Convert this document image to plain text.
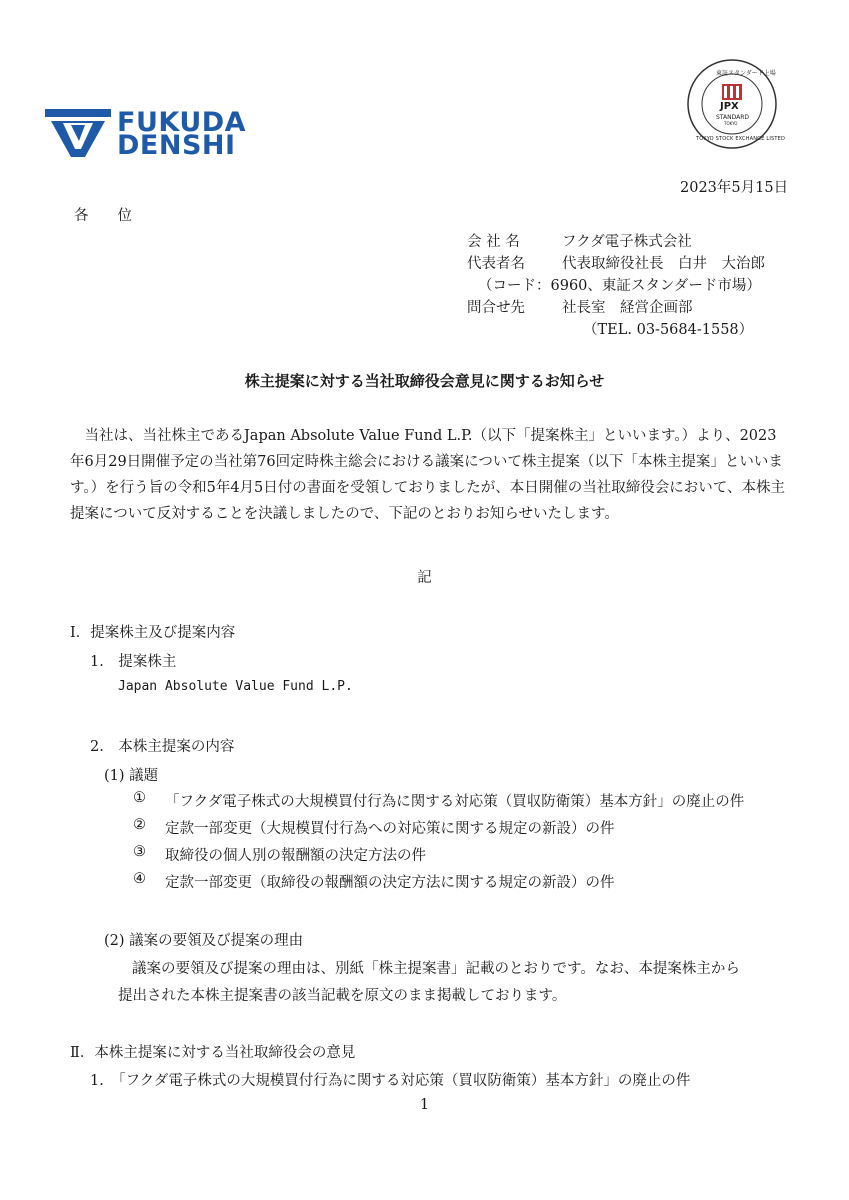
FUKUDA
DENSHI
東証スタンダード上場
JPX
STANDARD
TOKYO
TOKYO STOCK EXCHANGE LISTED
2023年5月15日
各　　位
会 社 名	フクダ電子株式会社
代表者名	代表取締役社長　白井　大治郎
（コード：6960、東証スタンダード市場）
問合せ先	社長室　経営企画部
（TEL. 03-5684-1558）
株主提案に対する当社取締役会意見に関するお知らせ
当社は、当社株主であるJapan Absolute Value Fund L.P.（以下「提案株主」といいます。）より、2023年6月29日開催予定の当社第76回定時株主総会における議案について株主提案（以下「本株主提案」といいます。）を行う旨の令和5年4月5日付の書面を受領しておりましたが、本日開催の当社取締役会において、本株主提案について反対することを決議しましたので、下記のとおりお知らせいたします。
記
Ⅰ．提案株主及び提案内容
1.　提案株主
Japan Absolute Value Fund L.P.
2.　本株主提案の内容
(1) 議題
① 「フクダ電子株式の大規模買付行為に関する対応策（買収防衛策）基本方針」の廃止の件
② 定款一部変更（大規模買付行為への対応策に関する規定の新設）の件
③ 取締役の個人別の報酬額の決定方法の件
④ 定款一部変更（取締役の報酬額の決定方法に関する規定の新設）の件
(2) 議案の要領及び提案の理由
議案の要領及び提案の理由は、別紙「株主提案書」記載のとおりです。なお、本提案株主から
提出された本株主提案書の該当記載を原文のまま掲載しております。
Ⅱ．本株主提案に対する当社取締役会の意見
1.　「フクダ電子株式の大規模買付行為に関する対応策（買収防衛策）基本方針」の廃止の件
1
